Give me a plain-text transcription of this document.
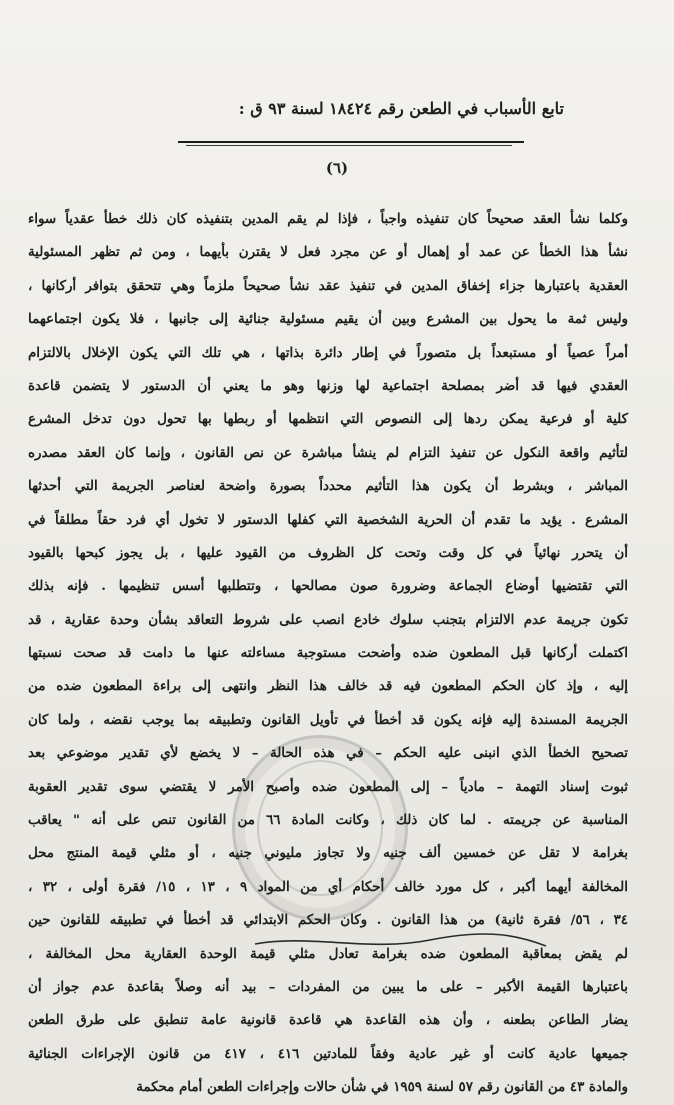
تابع الأسباب في الطعن رقم ١٨٤٢٤ لسنة ٩٣ ق :
(٦)
وكلما نشأ العقد صحيحاً كان تنفيذه واجباً ، فإذا لم يقم المدين بتنفيذه كان ذلك خطأ عقدياً سواء
نشأ هذا الخطأ عن عمد أو إهمال أو عن مجرد فعل لا يقترن بأيهما ، ومن ثم تظهر المسئولية
العقدية باعتبارها جزاء إخفاق المدين في تنفيذ عقد نشأ صحيحاً ملزماً وهي تتحقق بتوافر أركانها ،
وليس ثمة ما يحول بين المشرع وبين أن يقيم مسئولية جنائية إلى جانبها ، فلا يكون اجتماعهما
أمراً عصياً أو مستبعداً بل متصوراً في إطار دائرة بذاتها ، هي تلك التي يكون الإخلال بالالتزام
العقدي فيها قد أضر بمصلحة اجتماعية لها وزنها وهو ما يعني أن الدستور لا يتضمن قاعدة
كلية أو فرعية يمكن ردها إلى النصوص التي انتظمها أو ربطها بها تحول دون تدخل المشرع
لتأثيم واقعة النكول عن تنفيذ التزام لم ينشأ مباشرة عن نص القانون ، وإنما كان العقد مصدره
المباشر ، وبشرط أن يكون هذا التأثيم محدداً بصورة واضحة لعناصر الجريمة التي أحدثها
المشرع . يؤيد ما تقدم أن الحرية الشخصية التي كفلها الدستور لا تخول أي فرد حقاً مطلقاً في
أن يتحرر نهائياً في كل وقت وتحت كل الظروف من القيود عليها ، بل يجوز كبحها بالقيود
التي تقتضيها أوضاع الجماعة وضرورة صون مصالحها ، وتتطلبها أسس تنظيمها . فإنه بذلك
تكون جريمة عدم الالتزام بتجنب سلوك خادع انصب على شروط التعاقد بشأن وحدة عقارية ، قد
اكتملت أركانها قبل المطعون ضده وأضحت مستوجبة مساءلته عنها ما دامت قد صحت نسبتها
إليه ، وإذ كان الحكم المطعون فيه قد خالف هذا النظر وانتهى إلى براءة المطعون ضده من
الجريمة المسندة إليه فإنه يكون قد أخطأ في تأويل القانون وتطبيقه بما يوجب نقضه ، ولما كان
تصحيح الخطأ الذي انبنى عليه الحكم – في هذه الحالة – لا يخضع لأي تقدير موضوعي بعد
ثبوت إسناد التهمة – مادياً – إلى المطعون ضده وأصبح الأمر لا يقتضي سوى تقدير العقوبة
المناسبة عن جريمته . لما كان ذلك ، وكانت المادة ٦٦ من القانون تنص على أنه " يعاقب
بغرامة لا تقل عن خمسين ألف جنيه ولا تجاوز مليوني جنيه ، أو مثلي قيمة المنتج محل
المخالفة أيهما أكبر ، كل مورد خالف أحكام أي من المواد ٩ ، ١٣ ، ١٥/ فقرة أولى ، ٣٢ ،
٣٤ ، ٥٦/ فقرة ثانية) من هذا القانون . وكان الحكم الابتدائي قد أخطأ في تطبيقه للقانون حين
لم يقض بمعاقبة المطعون ضده بغرامة تعادل مثلي قيمة الوحدة العقارية محل المخالفة ،
باعتبارها القيمة الأكبر – على ما يبين من المفردات – بيد أنه وصلاً بقاعدة عدم جواز أن
يضار الطاعن بطعنه ، وأن هذه القاعدة هي قاعدة قانونية عامة تنطبق على طرق الطعن
جميعها عادية كانت أو غير عادية وفقاً للمادتين ٤١٦ ، ٤١٧ من قانون الإجراءات الجنائية
والمادة ٤٣ من القانون رقم ٥٧ لسنة ١٩٥٩ في شأن حالات وإجراءات الطعن أمام محكمة
